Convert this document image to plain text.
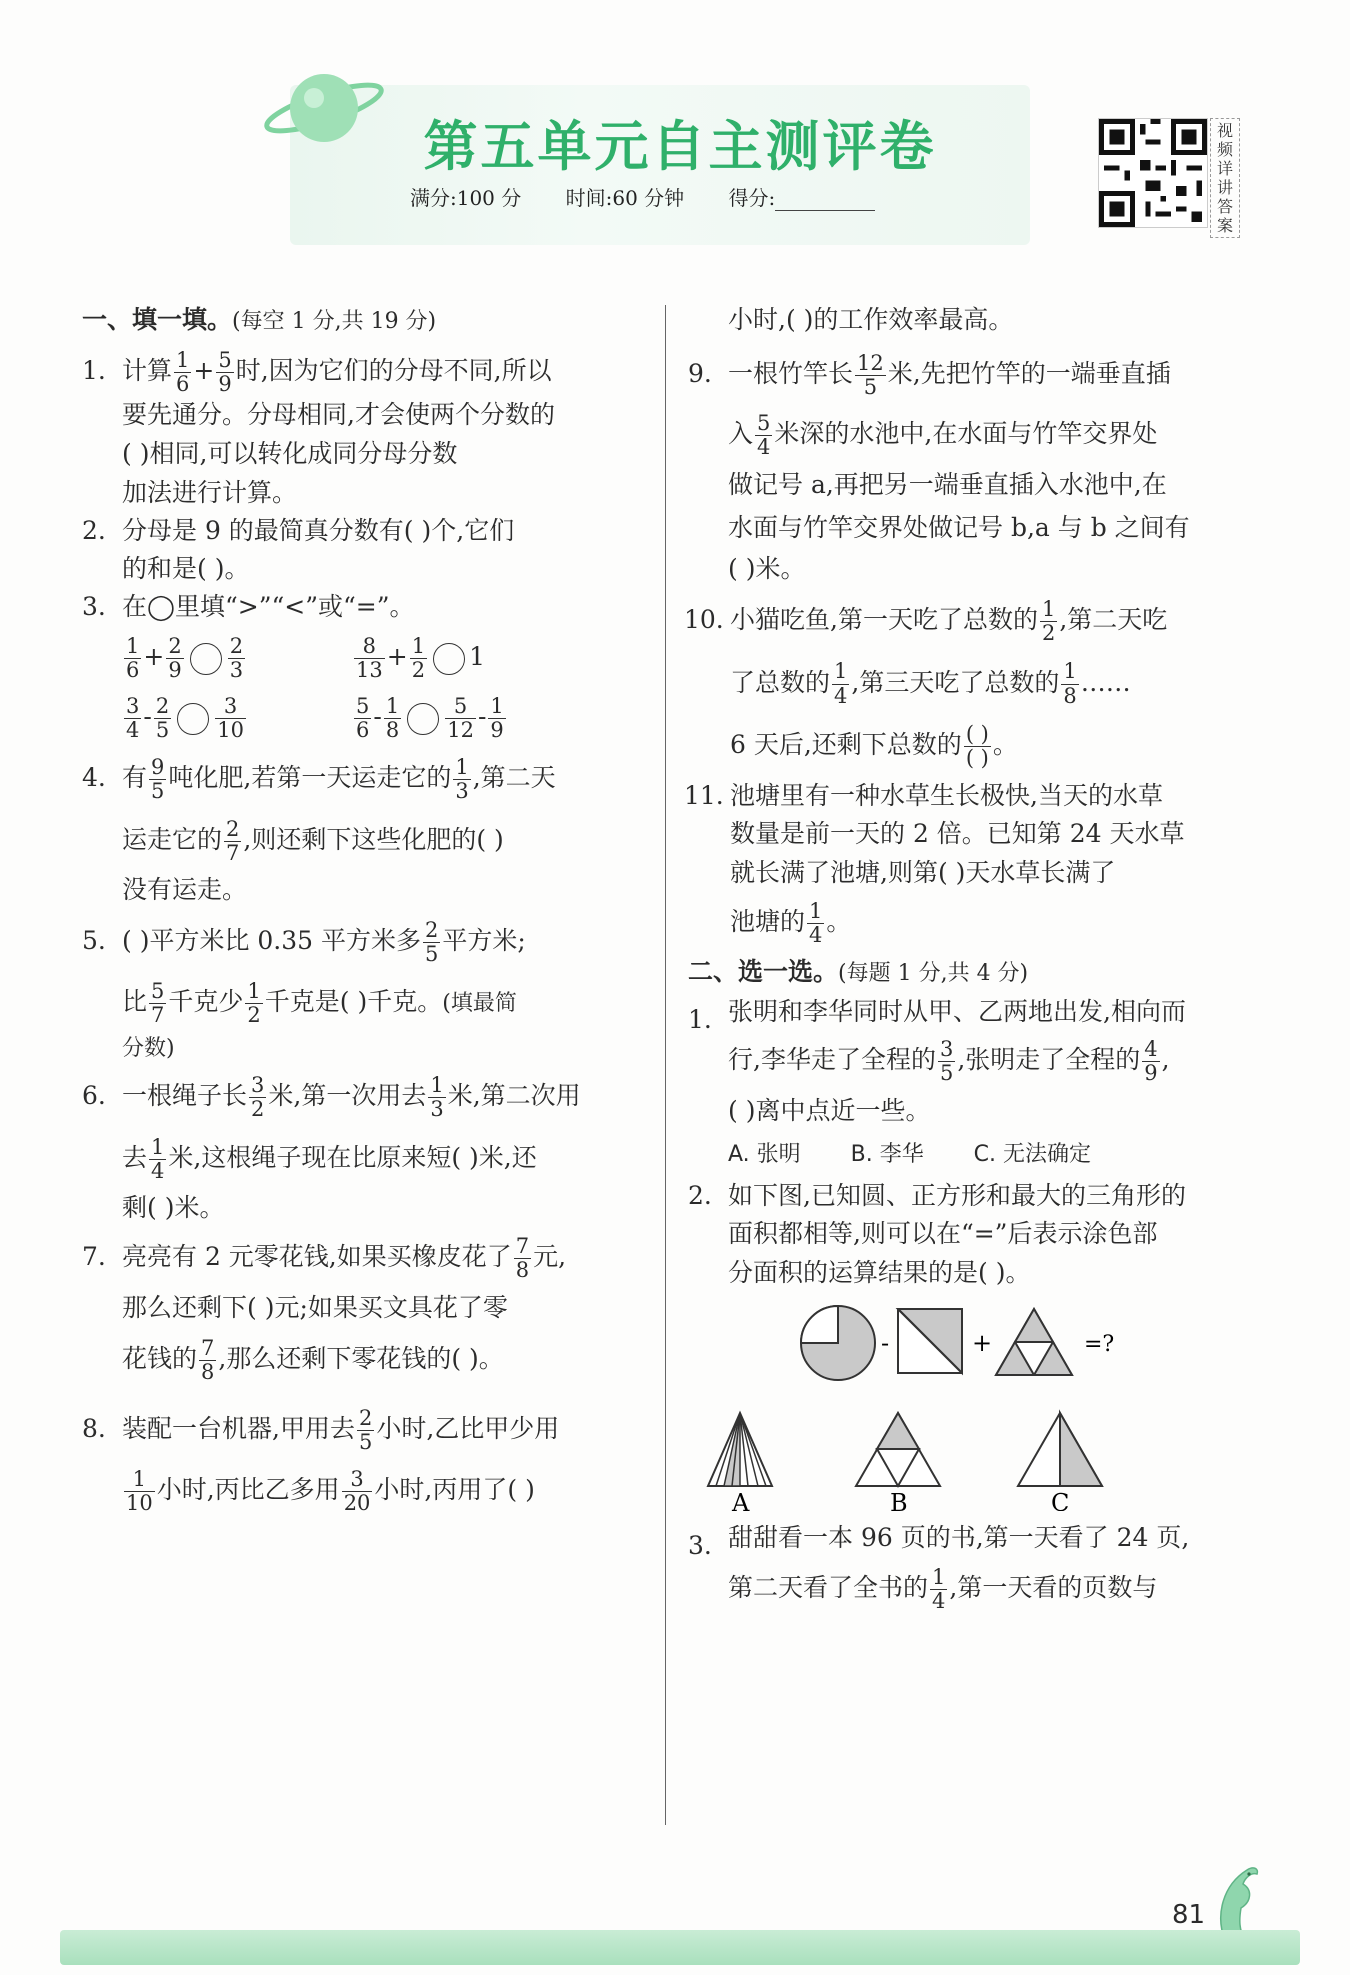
第五单元自主测评卷
满分:100 分 时间:60 分钟 得分:
视频详讲答案

一、填一填。(每空 1 分,共 19 分)

1. 计算 $\frac{1}{6} + \frac{5}{9}$ 时,因为它们的分母不同,所以
要先通分。分母相同,才会使两个分数的
( )相同,可以转化成同分母分数
加法进行计算。
2. 分母是 9 的最简真分数有( )个,它们
的和是( )。
3. 在◯里填“>”“<”或“=”。
$\frac{1}{6} + \frac{2}{9} \frac{2}{3}$	$\frac{8}{13} + \frac{1}{2} 1$
$\frac{3}{4} - \frac{2}{5} \frac{3}{10}$	$\frac{5}{6} - \frac{1}{8} \frac{5}{12} - \frac{1}{9}$
4. 有 $\frac{9}{5}$ 吨化肥,若第一天运走它的 $\frac{1}{3}$ ,第二天
运走它的 $\frac{2}{7}$ ,则还剩下这些化肥的( )
没有运走。
5. ( )平方米比 0.35 平方米多 $\frac{2}{5}$ 平方米;
比 $\frac{5}{7}$ 千克少 $\frac{1}{2}$ 千克是( )千克。(填最简
分数)
6. 一根绳子长 $\frac{3}{2}$ 米,第一次用去 $\frac{1}{3}$ 米,第二次用
去 $\frac{1}{4}$ 米,这根绳子现在比原来短( )米,还
剩( )米。
7. 亮亮有 2 元零花钱,如果买橡皮花了 $\frac{7}{8}$ 元,
那么还剩下( )元;如果买文具花了零
花钱的 $\frac{7}{8}$ ,那么还剩下零花钱的( )。
8. 装配一台机器,甲用去 $\frac{2}{5}$ 小时,乙比甲少用
$\frac{1}{10}$ 小时,丙比乙多用 $\frac{3}{20}$ 小时,丙用了( )
小时,( )的工作效率最高。
9. 一根竹竿长 $\frac{12}{5}$ 米,先把竹竿的一端垂直插
入 $\frac{5}{4}$ 米深的水池中,在水面与竹竿交界处
做记号 a,再把另一端垂直插入水池中,在
水面与竹竿交界处做记号 b,a 与 b 之间有
( )米。
10. 小猫吃鱼,第一天吃了总数的 $\frac{1}{2}$ ,第二天吃
了总数的 $\frac{1}{4}$ ,第三天吃了总数的 $\frac{1}{8}$ ……
6 天后,还剩下总数的 $\frac{( )}{( )}$ 。
11. 池塘里有一种水草生长极快,当天的水草
数量是前一天的 2 倍。已知第 24 天水草
就长满了池塘,则第( )天水草长满了
池塘的 $\frac{1}{4}$ 。

二、选一选。(每题 1 分,共 4 分)

1. 张明和李华同时从甲、乙两地出发,相向而
行,李华走了全程的 $\frac{3}{5}$ ,张明走了全程的 $\frac{4}{9}$ ,
( )离中点近一些。
A. 张明 B. 李华 C. 无法确定
2. 如下图,已知圆、正方形和最大的三角形的
面积都相等,则可以在“=”后表示涂色部
分面积的运算结果的是( )。
-	+	=?
A	B	C
3. 甜甜看一本 96 页的书,第一天看了 24 页,
第二天看了全书的 $\frac{1}{4}$ ,第一天看的页数与
81
